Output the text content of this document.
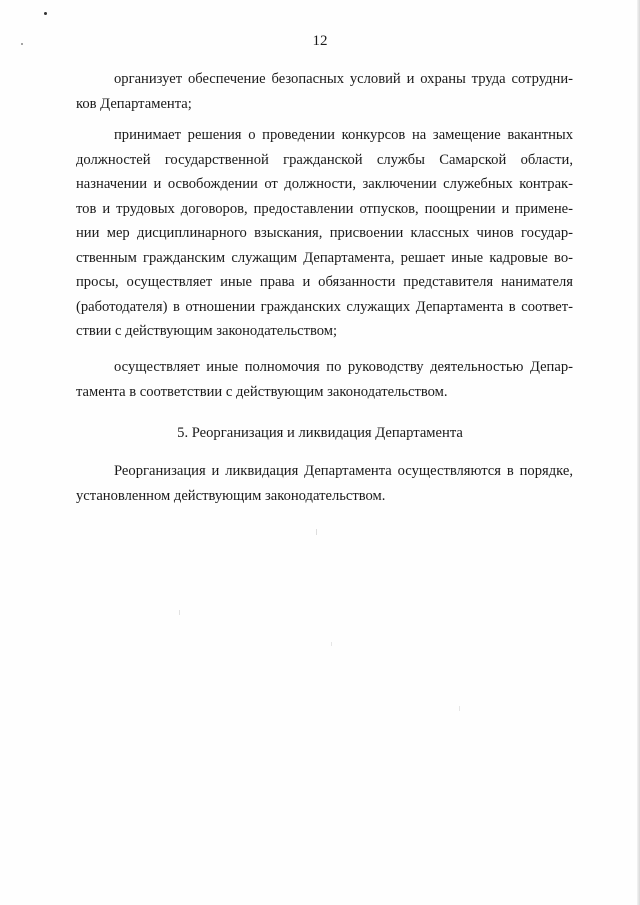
12
организует обеспечение безопасных условий и охраны труда сотрудни-
ков Департамента;
принимает решения о проведении конкурсов на замещение вакантных
должностей государственной гражданской службы Самарской области,
назначении и освобождении от должности, заключении служебных контрак-
тов и трудовых договоров, предоставлении отпусков, поощрении и примене-
нии мер дисциплинарного взыскания, присвоении классных чинов государ-
ственным гражданским служащим Департамента, решает иные кадровые во-
просы, осуществляет иные права и обязанности представителя нанимателя
(работодателя) в отношении гражданских служащих Департамента в соответ-
ствии с действующим законодательством;
осуществляет иные полномочия по руководству деятельностью Депар-
тамента в соответствии с действующим законодательством.
5. Реорганизация и ликвидация Департамента
Реорганизация и ликвидация Департамента осуществляются в порядке,
установленном действующим законодательством.
